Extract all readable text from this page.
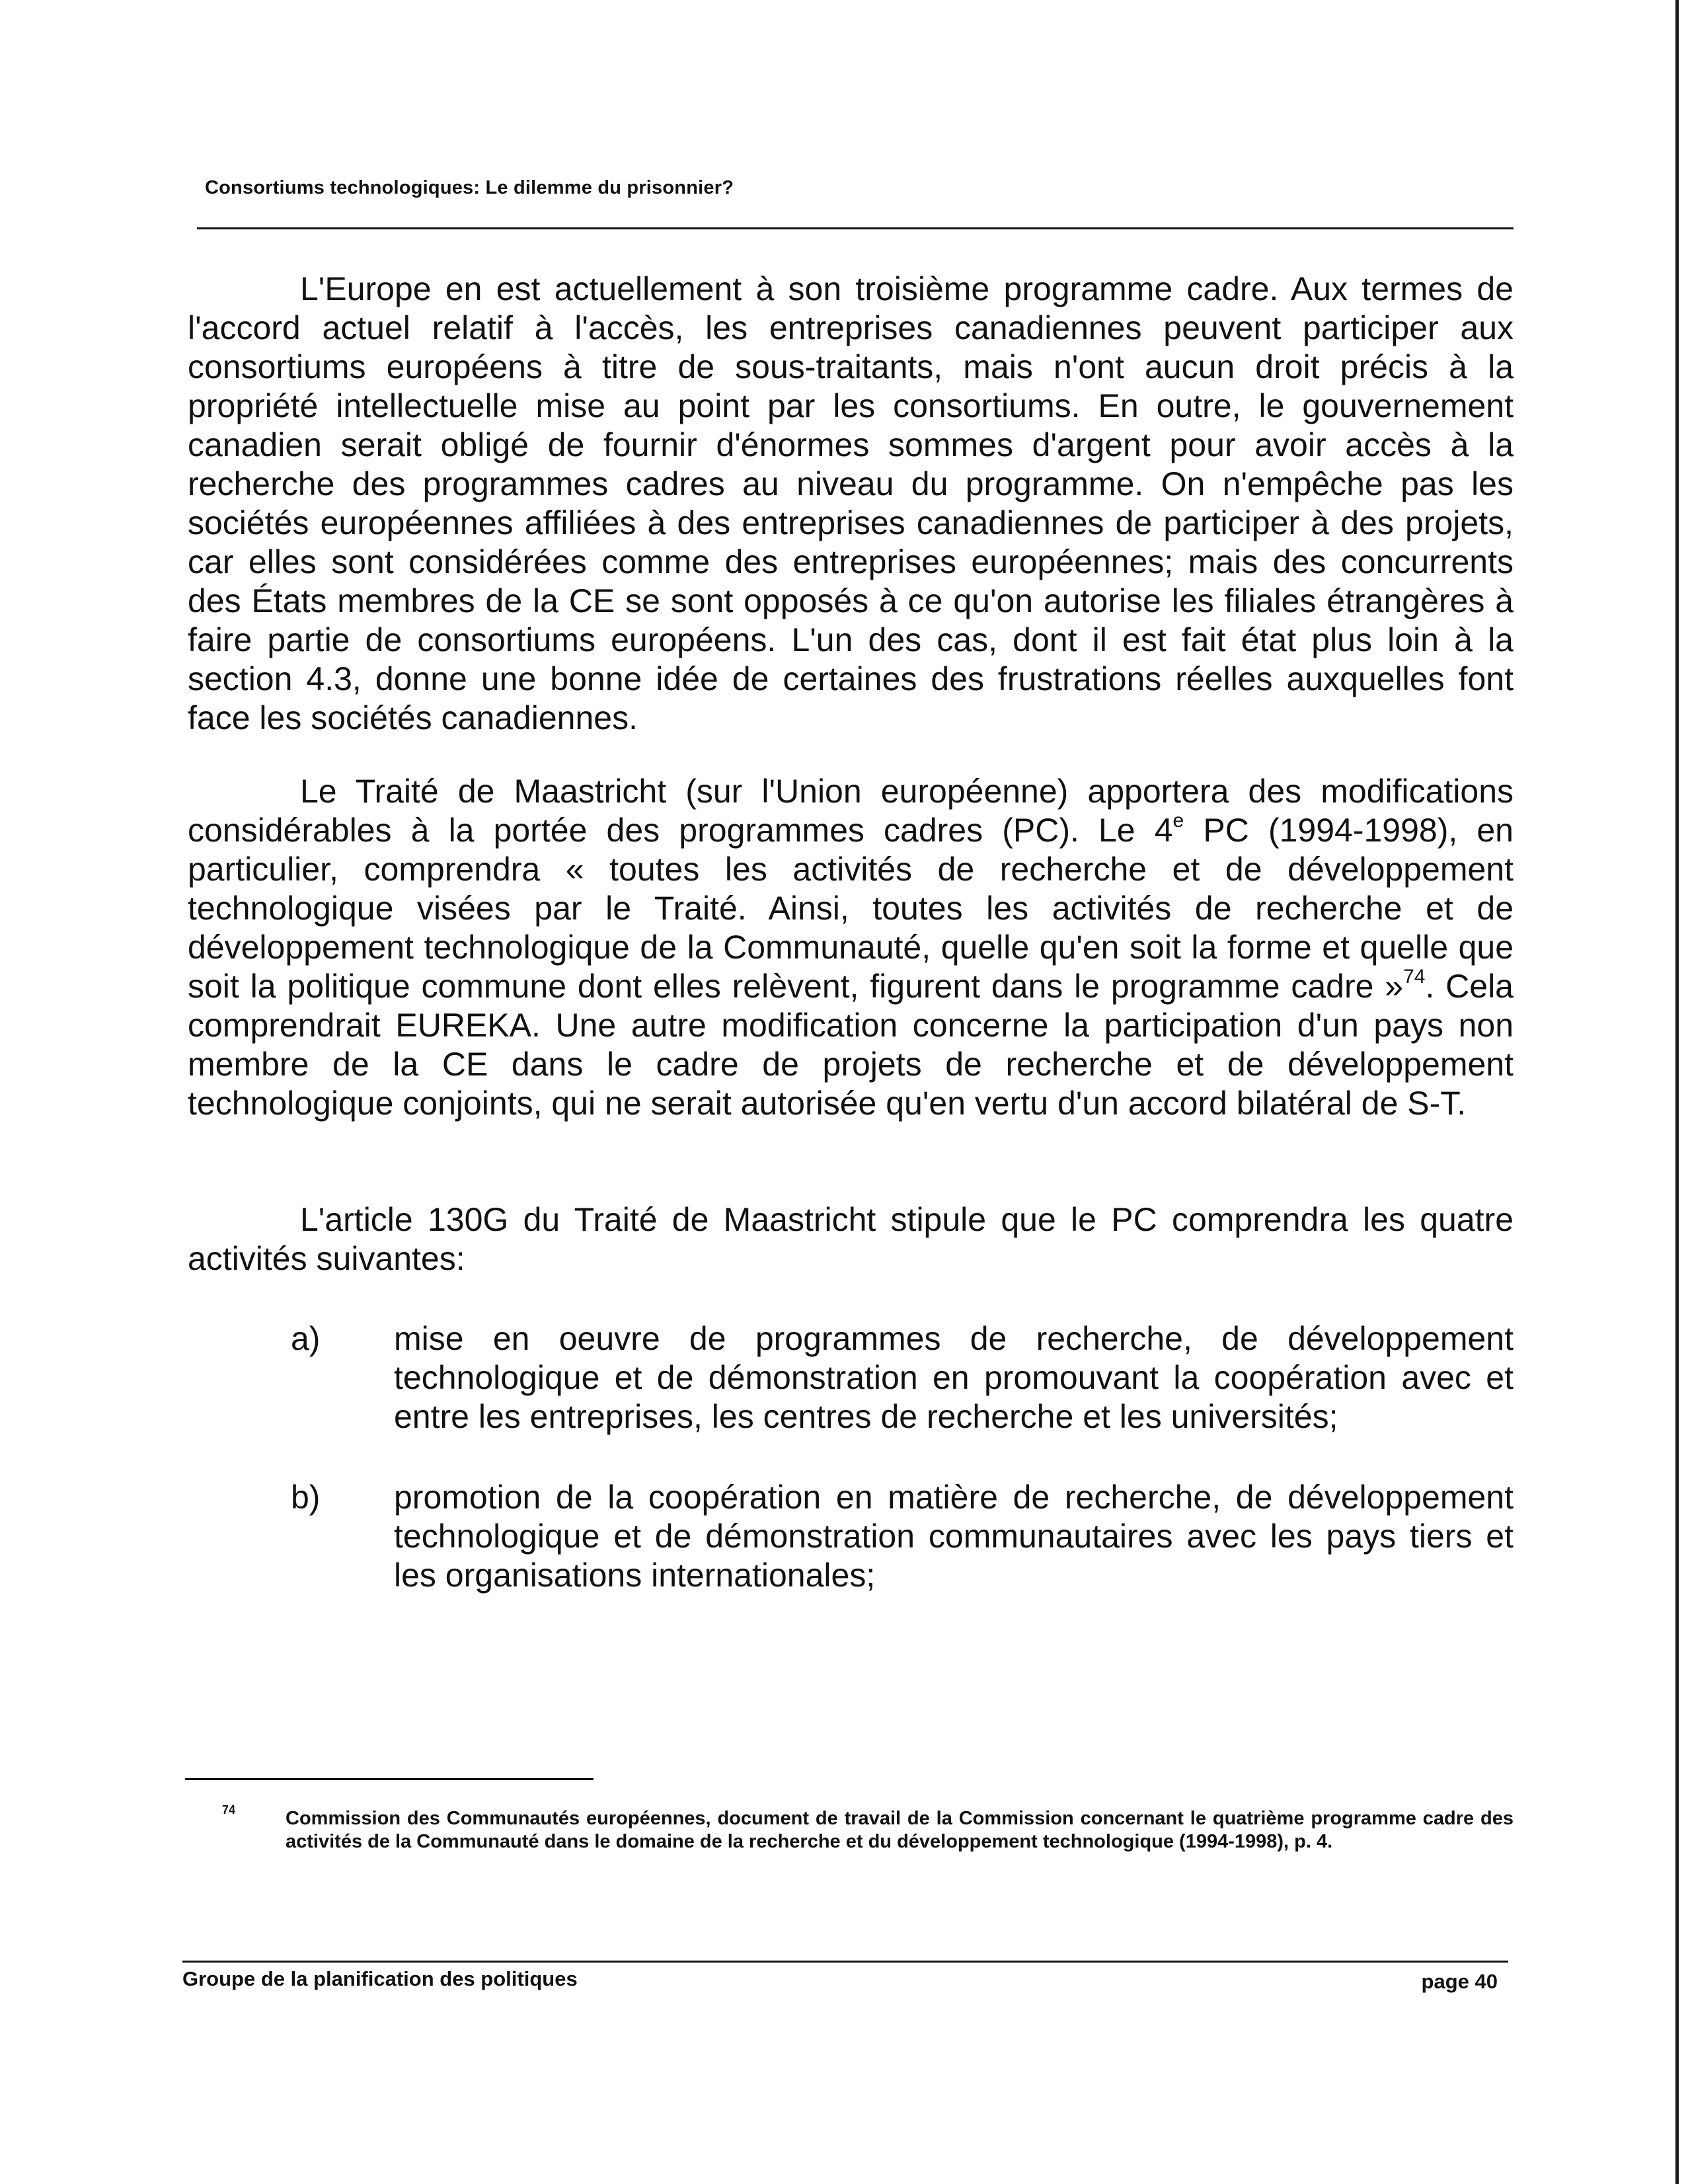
Consortiums technologiques: Le dilemme du prisonnier?

L'Europe en est actuellement à son troisième programme cadre. Aux termes de l'accord actuel relatif à l'accès, les entreprises canadiennes peuvent participer aux consortiums européens à titre de sous-traitants, mais n'ont aucun droit précis à la propriété intellectuelle mise au point par les consortiums. En outre, le gouvernement canadien serait obligé de fournir d'énormes sommes d'argent pour avoir accès à la recherche des programmes cadres au niveau du programme. On n'empêche pas les sociétés européennes affiliées à des entreprises canadiennes de participer à des projets, car elles sont considérées comme des entreprises européennes; mais des concurrents des États membres de la CE se sont opposés à ce qu'on autorise les filiales étrangères à faire partie de consortiums européens. L'un des cas, dont il est fait état plus loin à la section 4.3, donne une bonne idée de certaines des frustrations réelles auxquelles font face les sociétés canadiennes.

Le Traité de Maastricht (sur l'Union européenne) apportera des modifications considérables à la portée des programmes cadres (PC). Le 4e PC (1994-1998), en particulier, comprendra « toutes les activités de recherche et de développement technologique visées par le Traité. Ainsi, toutes les activités de recherche et de développement technologique de la Communauté, quelle qu'en soit la forme et quelle que soit la politique commune dont elles relèvent, figurent dans le programme cadre »$^{74}$. Cela comprendrait EUREKA. Une autre modification concerne la participation d'un pays non membre de la CE dans le cadre de projets de recherche et de développement technologique conjoints, qui ne serait autorisée qu'en vertu d'un accord bilatéral de S-T.

L'article 130G du Traité de Maastricht stipule que le PC comprendra les quatre activités suivantes:

a) mise en oeuvre de programmes de recherche, de développement technologique et de démonstration en promouvant la coopération avec et entre les entreprises, les centres de recherche et les universités;
b) promotion de la coopération en matière de recherche, de développement technologique et de démonstration communautaires avec les pays tiers et les organisations internationales;
74	Commission des Communautés européennes, document de travail de la Commission concernant le quatrième programme cadre des activités de la Communauté dans le domaine de la recherche et du développement technologique (1994-1998), p. 4.
Groupe de la planification des politiques	page 40
